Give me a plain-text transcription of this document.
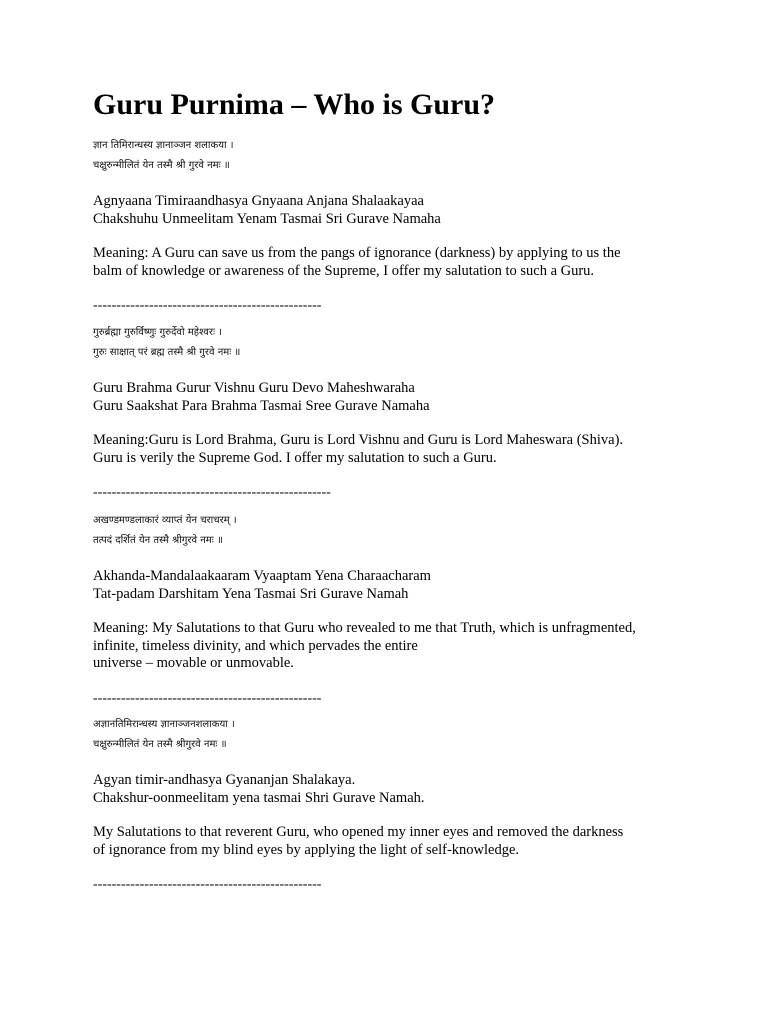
Guru Purnima – Who is Guru?
ज्ञान तिमिरान्धस्य ज्ञानाञ्जन शलाकया ।
चक्षुरुन्मीलितं येन तस्मै श्री गुरवे नमः ॥

Agnyaana Timiraandhasya Gnyaana Anjana Shalaakayaa

Chakshuhu Unmeelitam Yenam Tasmai Sri Gurave Namaha

Meaning: A Guru can save us from the pangs of ignorance (darkness) by applying to us the

balm of knowledge or awareness of the Supreme, I offer my salutation to such a Guru.

-------------------------------------------------
गुरुर्ब्रह्मा गुरुर्विष्णुः गुरुर्देवो महेश्वरः ।
गुरुः साक्षात् परं ब्रह्म तस्मै श्री गुरवे नमः ॥

Guru Brahma Gurur Vishnu Guru Devo Maheshwaraha

Guru Saakshat Para Brahma Tasmai Sree Gurave Namaha

Meaning:Guru is Lord Brahma, Guru is Lord Vishnu and Guru is Lord Maheswara (Shiva).

Guru is verily the Supreme God. I offer my salutation to such a Guru.

---------------------------------------------------
अखण्डमण्डलाकारं व्याप्तं येन चराचरम् ।
तत्पदं दर्शितं येन तस्मै श्रीगुरवे नमः ॥

Akhanda-Mandalaakaaram Vyaaptam Yena Charaacharam

Tat-padam Darshitam Yena Tasmai Sri Gurave Namah

Meaning: My Salutations to that Guru who revealed to me that Truth, which is unfragmented,

infinite, timeless divinity, and which pervades the entire

universe – movable or unmovable.

-------------------------------------------------
अज्ञानतिमिरान्धस्य ज्ञानाञ्जनशलाकया ।
चक्षुरुन्मीलितं येन तस्मै श्रीगुरवे नमः ॥

Agyan timir-andhasya Gyananjan Shalakaya.

Chakshur-oonmeelitam yena tasmai Shri Gurave Namah.

My Salutations to that reverent Guru, who opened my inner eyes and removed the darkness

of ignorance from my blind eyes by applying the light of self-knowledge.

-------------------------------------------------
